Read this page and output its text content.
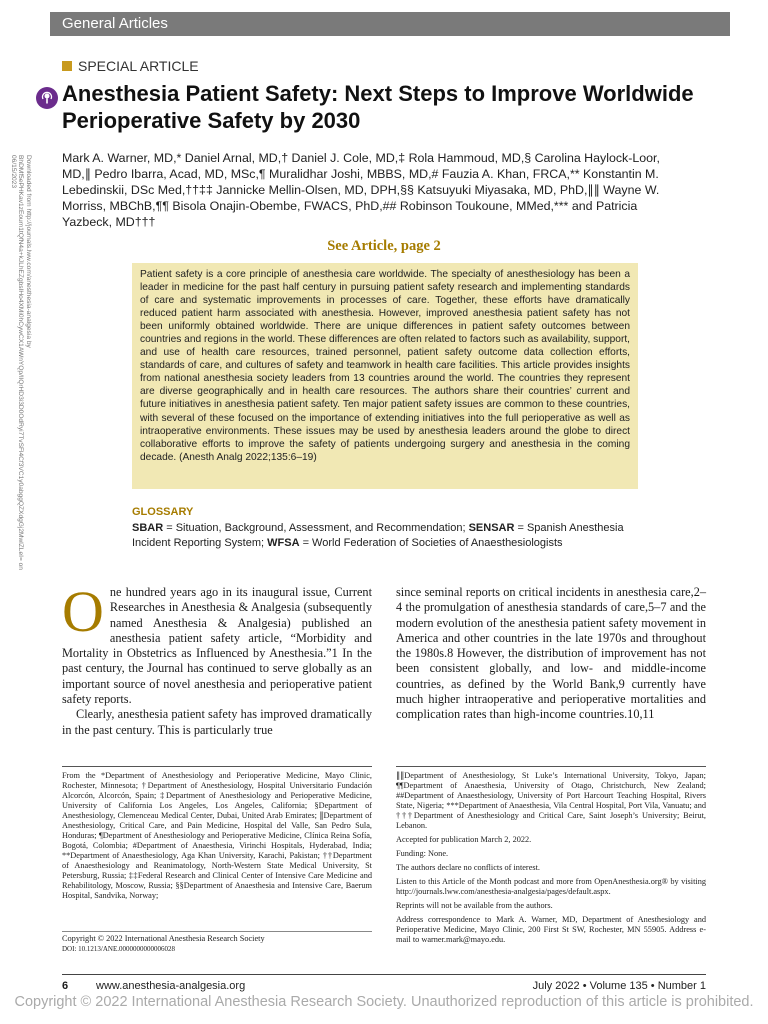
General Articles
SPECIAL ARTICLE
Anesthesia Patient Safety: Next Steps to Improve Worldwide Perioperative Safety by 2030
Mark A. Warner, MD,* Daniel Arnal, MD,† Daniel J. Cole, MD,‡ Rola Hammoud, MD,§ Carolina Haylock-Loor, MD,∥ Pedro Ibarra, Acad, MD, MSc,¶ Muralidhar Joshi, MBBS, MD,# Fauzia A. Khan, FRCA,** Konstantin M. Lebedinskii, DSc Med,††‡‡ Jannicke Mellin-Olsen, MD, DPH,§§ Katsuyuki Miyasaka, MD, PhD,∥∥ Wayne W. Morriss, MBChB,¶¶ Bisola Onajin-Obembe, FWACS, PhD,## Robinson Toukoune, MMed,*** and Patricia Yazbeck, MD†††
See Article, page 2

Patient safety is a core principle of anesthesia care worldwide. The specialty of anesthesiology has been a leader in medicine for the past half century in pursuing patient safety research and implementing standards of care and systematic improvements in processes of care. Together, these efforts have dramatically reduced patient harm associated with anesthesia. However, improved anesthesia patient safety has not been uniformly obtained worldwide. There are unique differences in patient safety outcomes between countries and regions in the world. These differences are often related to factors such as availability, support, and use of health care resources, trained personnel, patient safety outcome data collection efforts, standards of care, and cultures of safety and teamwork in health care facilities. This article provides insights from national anesthesia society leaders from 13 countries around the world. The countries they represent are diverse geographically and in health care resources. The authors share their countries’ current and future initiatives in anesthesia patient safety. Ten major patient safety issues are common to these countries, with several of these focused on the importance of extending initiatives into the full perioperative as well as intraoperative environments. These issues may be used by anesthesia leaders around the globe to direct collaborative efforts to improve the safety of patients undergoing surgery and anesthesia in the coming decade. (Anesth Analg 2022;135:6–19)

GLOSSARY
SBAR = Situation, Background, Assessment, and Recommendation; SENSAR = Spanish Anesthesia Incident Reporting System; WFSA = World Federation of Societies of Anaesthesiologists
Downloaded from http://journals.lww.com/anesthesia-analgesia by BhDMf5ePHKav1zEoum1tQfN4a+kJLhEZgbsIHo4XMi0hCywCX1AWnYQp/IlQrHD3i3D0OdRyi7TvSFl4Cf3VC1y0abggQZXdgGj2MwlZLeI= on 06/15/2023
O ne hundred years ago in its inaugural issue, Current Researches in Anesthesia & Analgesia (subsequently named Anesthesia & Analgesia) published an anesthesia patient safety article, “Morbidity and Mortality in Obstetrics as Influenced by Anesthesia.”1 In the past century, the Journal has continued to serve globally as an important source of novel anesthesia and perioperative patient safety reports.

Clearly, anesthesia patient safety has improved dramatically in the past century. This is particularly true

since seminal reports on critical incidents in anesthesia care,2–4 the promulgation of anesthesia standards of care,5–7 and the modern evolution of the anesthesia patient safety movement in America and other countries in the late 1970s and throughout the 1980s.8 However, the distribution of improvement has not been consistent globally, and low- and middle-income countries, as defined by the World Bank,9 currently have much higher intraoperative and perioperative mortalities and complication rates than high-income countries.10,11

From the *Department of Anesthesiology and Perioperative Medicine, Mayo Clinic, Rochester, Minnesota; †Department of Anesthesiology, Hospital Universitario Fundación Alcorcón, Alcorcón, Spain; ‡Department of Anesthesiology and Perioperative Medicine, University of California Los Angeles, Los Angeles, California; §Department of Anesthesiology, Clemenceau Medical Center, Dubai, United Arab Emirates; ∥Department of Anesthesiology, Critical Care, and Pain Medicine, Hospital del Valle, San Pedro Sula, Honduras; ¶Department of Anesthesiology and Perioperative Medicine, Clínica Reina Sofía, Bogotá, Colombia; #Department of Anaesthesia, Virinchi Hospitals, Hyderabad, India; **Department of Anaesthesiology, Aga Khan University, Karachi, Pakistan; ††Department of Anaesthesiology and Reanimatology, North-Western State Medical University, St Petersburg, Russia; ‡‡Federal Research and Clinical Center of Intensive Care Medicine and Rehabilitology, Moscow, Russia; §§Department of Anaesthesia and Intensive Care, Baerum Hospital, Sandvika, Norway;

∥∥Department of Anesthesiology, St Luke’s International University, Tokyo, Japan; ¶¶Department of Anaesthesia, University of Otago, Christchurch, New Zealand; ##Department of Anaesthesiology, University of Port Harcourt Teaching Hospital, Rivers State, Nigeria; ***Department of Anaesthesia, Vila Central Hospital, Port Vila, Vanuatu; and †††Department of Anesthesiology and Critical Care, Saint Joseph’s University; Beirut, Lebanon.

Accepted for publication March 2, 2022.

Funding: None.

The authors declare no conflicts of interest.

Listen to this Article of the Month podcast and more from OpenAnesthesia.org® by visiting http://journals.lww.com/anesthesia-analgesia/pages/default.aspx.

Reprints will not be available from the authors.

Address correspondence to Mark A. Warner, MD, Department of Anesthesiology and Perioperative Medicine, Mayo Clinic, 200 First St SW, Rochester, MN 55905. Address e-mail to warner.mark@mayo.edu.

Copyright © 2022 International Anesthesia Research Society
DOI: 10.1213/ANE.0000000000006028
6	www.anesthesia-analgesia.org	July 2022 • Volume 135 • Number 1
Copyright © 2022 International Anesthesia Research Society. Unauthorized reproduction of this article is prohibited.
